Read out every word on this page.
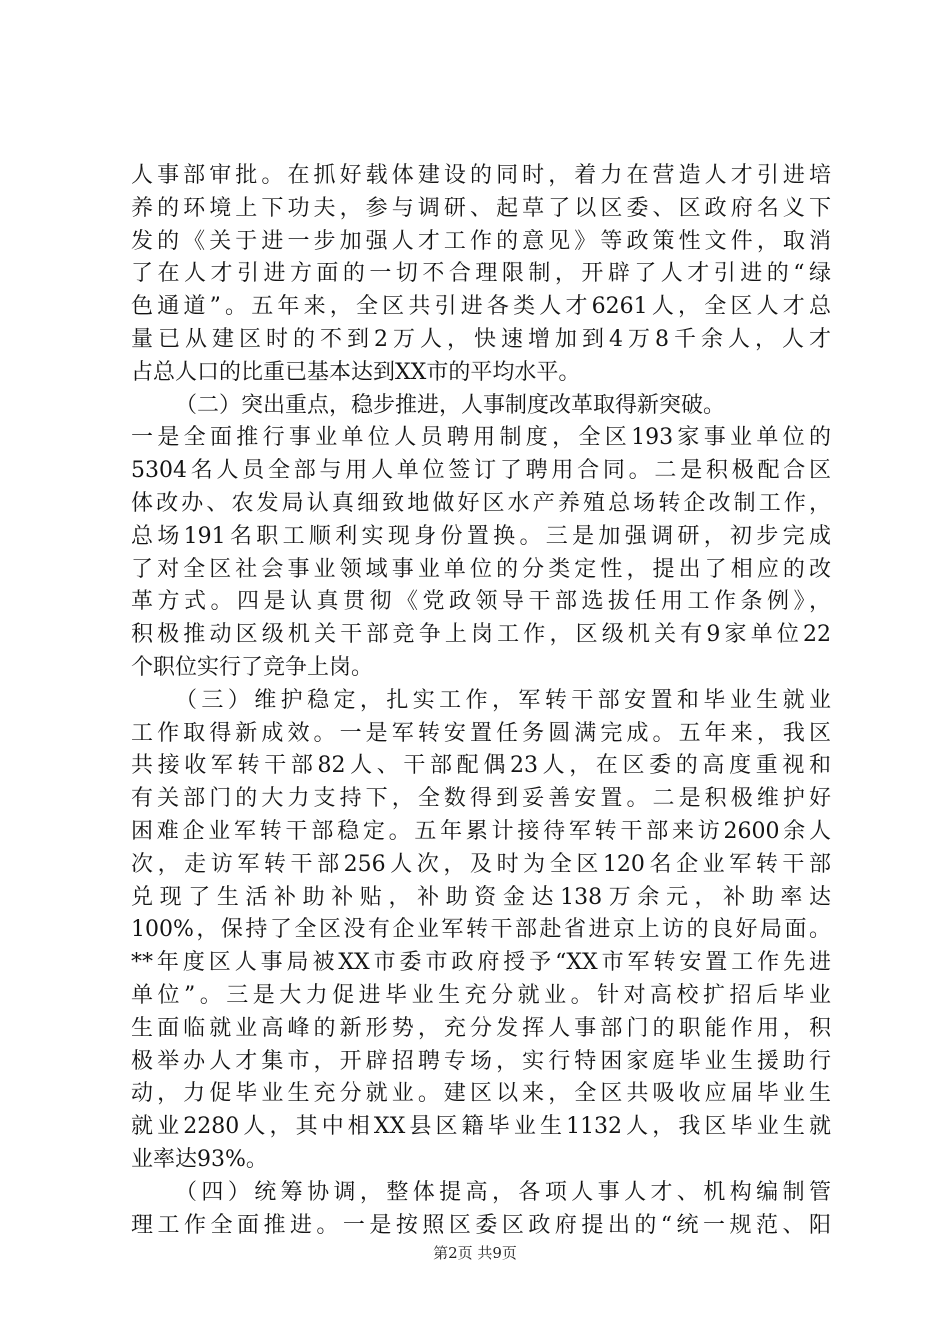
人事部审批。在抓好载体建设的同时，着力在营造人才引进培
养的环境上下功夫，参与调研、起草了以区委、区政府名义下
发的《关于进一步加强人才工作的意见》等政策性文件，取消
了在人才引进方面的一切不合理限制，开辟了人才引进的“绿
色通道”。五年来，全区共引进各类人才6261人，全区人才总
量已从建区时的不到2万人，快速增加到4万8千余人，人才
占总人口的比重已基本达到XX市的平均水平。
（二）突出重点，稳步推进，人事制度改革取得新突破。
一是全面推行事业单位人员聘用制度，全区193家事业单位的
5304名人员全部与用人单位签订了聘用合同。二是积极配合区
体改办、农发局认真细致地做好区水产养殖总场转企改制工作，
总场191名职工顺利实现身份置换。三是加强调研，初步完成
了对全区社会事业领域事业单位的分类定性，提出了相应的改
革方式。四是认真贯彻《党政领导干部选拔任用工作条例》，
积极推动区级机关干部竞争上岗工作，区级机关有9家单位22
个职位实行了竞争上岗。
（三）维护稳定，扎实工作，军转干部安置和毕业生就业
工作取得新成效。一是军转安置任务圆满完成。五年来，我区
共接收军转干部82人、干部配偶23人，在区委的高度重视和
有关部门的大力支持下，全数得到妥善安置。二是积极维护好
困难企业军转干部稳定。五年累计接待军转干部来访2600余人
次，走访军转干部256人次，及时为全区120名企业军转干部
兑现了生活补助补贴，补助资金达138万余元，补助率达
100%，保持了全区没有企业军转干部赴省进京上访的良好局面。
**年度区人事局被XX市委市政府授予“XX市军转安置工作先进
单位”。三是大力促进毕业生充分就业。针对高校扩招后毕业
生面临就业高峰的新形势，充分发挥人事部门的职能作用，积
极举办人才集市，开辟招聘专场，实行特困家庭毕业生援助行
动，力促毕业生充分就业。建区以来，全区共吸收应届毕业生
就业2280人，其中相XX县区籍毕业生1132人，我区毕业生就
业率达93%。
（四）统筹协调，整体提高，各项人事人才、机构编制管
理工作全面推进。一是按照区委区政府提出的“统一规范、阳
第2页 共9页
